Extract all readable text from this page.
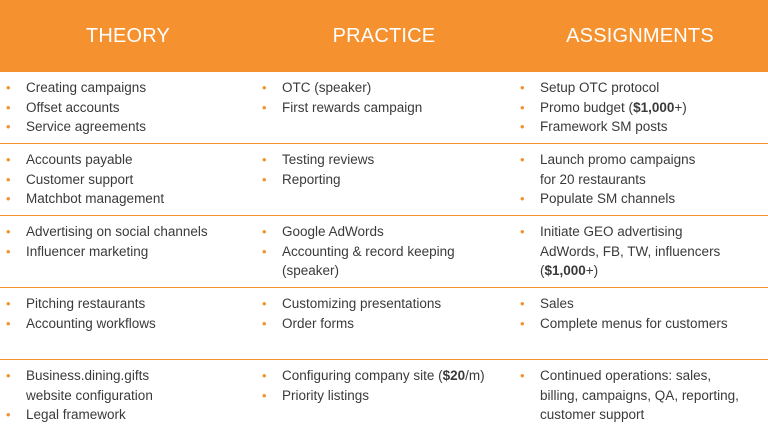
THEORY	PRACTICE	ASSIGNMENTS
• Creating campaigns
• Offset accounts
• Service agreements
• OTC (speaker)
• First rewards campaign
• Setup OTC protocol
• Promo budget ($1,000+)
• Framework SM posts
• Accounts payable
• Customer support
• Matchbot management
• Testing reviews
• Reporting
• Launch promo campaigns
for 20 restaurants
• Populate SM channels
• Advertising on social channels
• Influencer marketing
• Google AdWords
• Accounting & record keeping
(speaker)
• Initiate GEO advertising
AdWords, FB, TW, influencers
($1,000+)
• Pitching restaurants
• Accounting workflows
• Customizing presentations
• Order forms
• Sales
• Complete menus for customers
• Business.dining.gifts
website configuration
• Legal framework
• Configuring company site ($20/m)
• Priority listings
• Continued operations: sales,
billing, campaigns, QA, reporting,
customer support
